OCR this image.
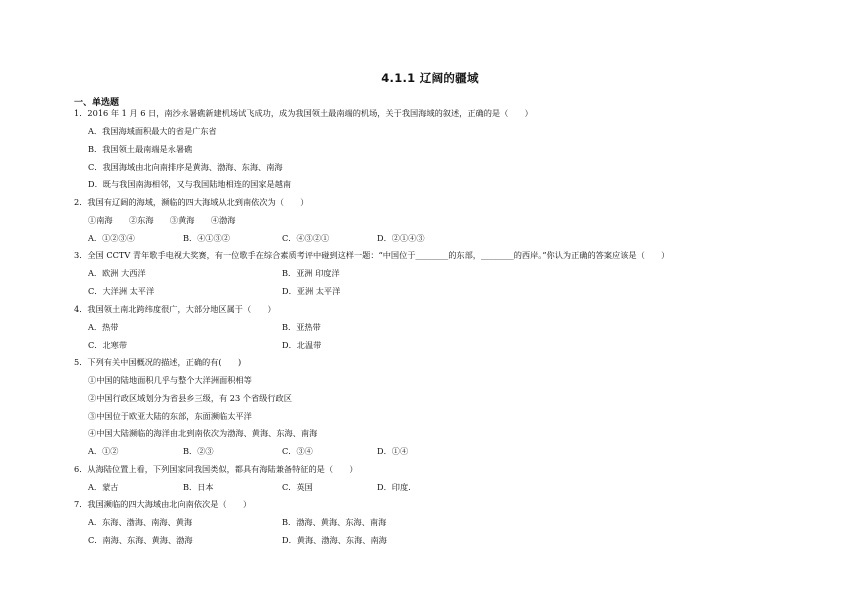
4.1.1 辽阔的疆域
一、单选题
1．2016 年 1 月 6 日，南沙永暑礁新建机场试飞成功，成为我国领土最南端的机场，关于我国海域的叙述，正确的是（　　）
A．我国海域面积最大的省是广东省
B．我国领土最南端是永暑礁
C．我国海域由北向南排序是黄海、渤海、东海、南海
D．既与我国南海相邻，又与我国陆地相连的国家是越南
2．我国有辽阔的海域，濒临的四大海域从北到南依次为（　　）
①南海　　②东海　　③黄海　　④渤海
A．①②③④	B．④①③②	C．④③②①	D．②①④③
3．全国 CCTV 青年歌手电视大奖赛，有一位歌手在综合素质考评中碰到这样一题：“中国位于________的东部，________的西岸。”你认为正确的答案应该是（　　）
A．欧洲 大西洋	B．亚洲 印度洋
C．大洋洲 太平洋	D．亚洲 太平洋
4．我国领土南北跨纬度很广，大部分地区属于（　　）
A．热带	B．亚热带
C．北寒带	D．北温带
5．下列有关中国概况的描述，正确的有(　　)
①中国的陆地面积几乎与整个大洋洲面积相等
②中国行政区域划分为省县乡三级，有 23 个省级行政区
③中国位于欧亚大陆的东部，东面濒临太平洋
④中国大陆濒临的海洋由北到南依次为渤海、黄海、东海、南海
A．①②	B．②③	C．③④	D．①④
6．从海陆位置上看，下列国家同我国类似，都具有海陆兼备特征的是（　　）
A．蒙古	B．日本	C．英国	D．印度.
7．我国濒临的四大海域由北向南依次是（　　）
A．东海、渤海、南海、黄海	B．渤海、黄海、东海、南海
C．南海、东海、黄海、渤海	D．黄海、渤海、东海、南海
